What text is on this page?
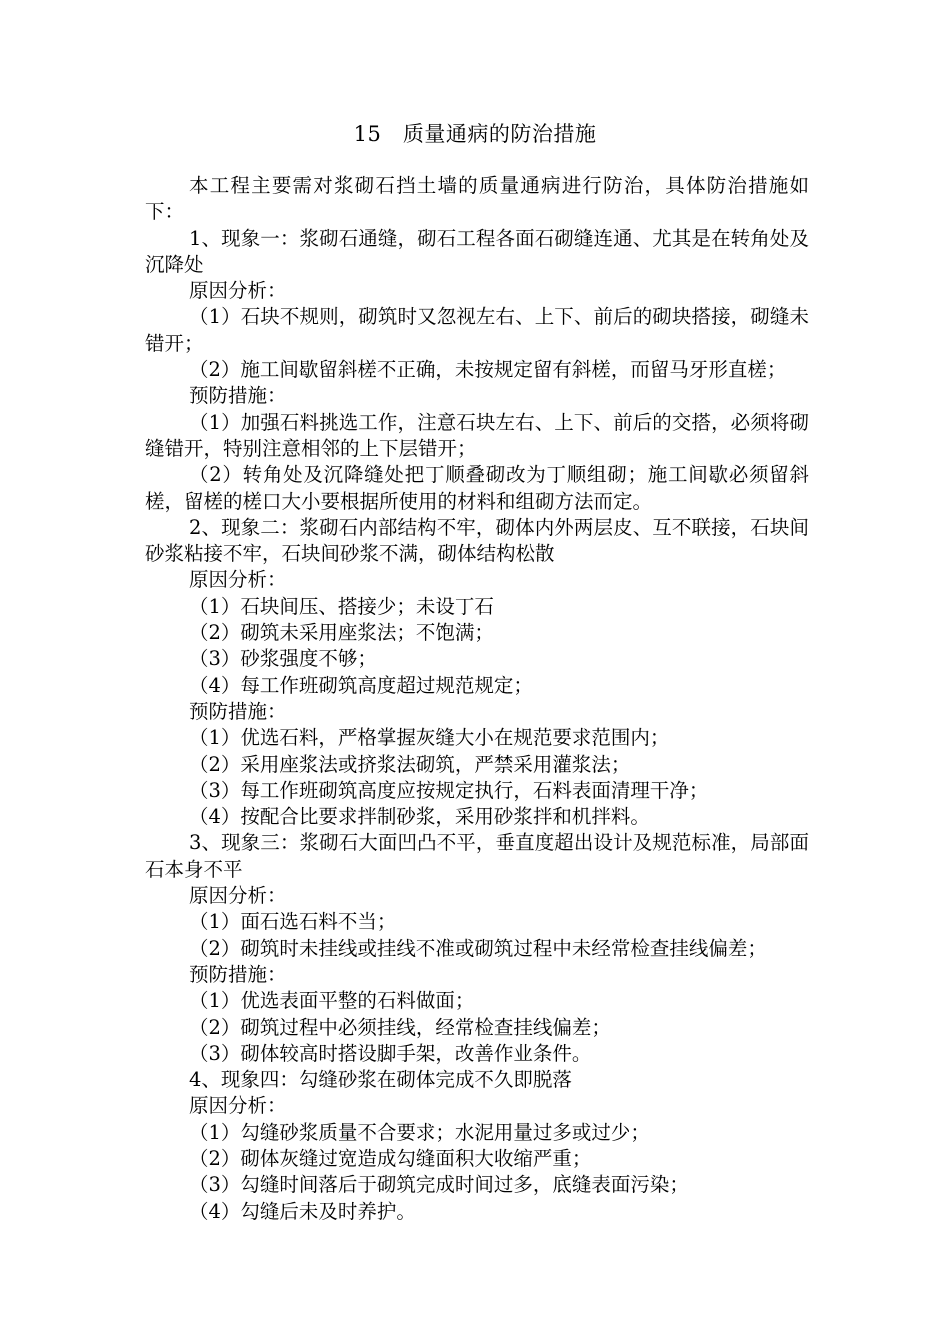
15　质量通病的防治措施

本工程主要需对浆砌石挡土墙的质量通病进行防治，具体防治措施如下：

1、现象一：浆砌石通缝，砌石工程各面石砌缝连通、尤其是在转角处及沉降处

原因分析：

（1）石块不规则，砌筑时又忽视左右、上下、前后的砌块搭接，砌缝未错开；

（2）施工间歇留斜槎不正确，未按规定留有斜槎，而留马牙形直槎；

预防措施：

（1）加强石料挑选工作，注意石块左右、上下、前后的交搭，必须将砌缝错开，特别注意相邻的上下层错开；

（2）转角处及沉降缝处把丁顺叠砌改为丁顺组砌；施工间歇必须留斜槎，留槎的槎口大小要根据所使用的材料和组砌方法而定。

2、现象二：浆砌石内部结构不牢，砌体内外两层皮、互不联接，石块间砂浆粘接不牢，石块间砂浆不满，砌体结构松散

原因分析：

（1）石块间压、搭接少；未设丁石

（2）砌筑未采用座浆法；不饱满；

（3）砂浆强度不够；

（4）每工作班砌筑高度超过规范规定；

预防措施：

（1）优选石料，严格掌握灰缝大小在规范要求范围内；

（2）采用座浆法或挤浆法砌筑，严禁采用灌浆法；

（3）每工作班砌筑高度应按规定执行，石料表面清理干净；

（4）按配合比要求拌制砂浆，采用砂浆拌和机拌料。

3、现象三：浆砌石大面凹凸不平，垂直度超出设计及规范标准，局部面石本身不平

原因分析：

（1）面石选石料不当；

（2）砌筑时未挂线或挂线不准或砌筑过程中未经常检查挂线偏差；

预防措施：

（1）优选表面平整的石料做面；

（2）砌筑过程中必须挂线，经常检查挂线偏差；

（3）砌体较高时搭设脚手架，改善作业条件。

4、现象四：勾缝砂浆在砌体完成不久即脱落

原因分析：

（1）勾缝砂浆质量不合要求；水泥用量过多或过少；

（2）砌体灰缝过宽造成勾缝面积大收缩严重；

（3）勾缝时间落后于砌筑完成时间过多，底缝表面污染；

（4）勾缝后未及时养护。
